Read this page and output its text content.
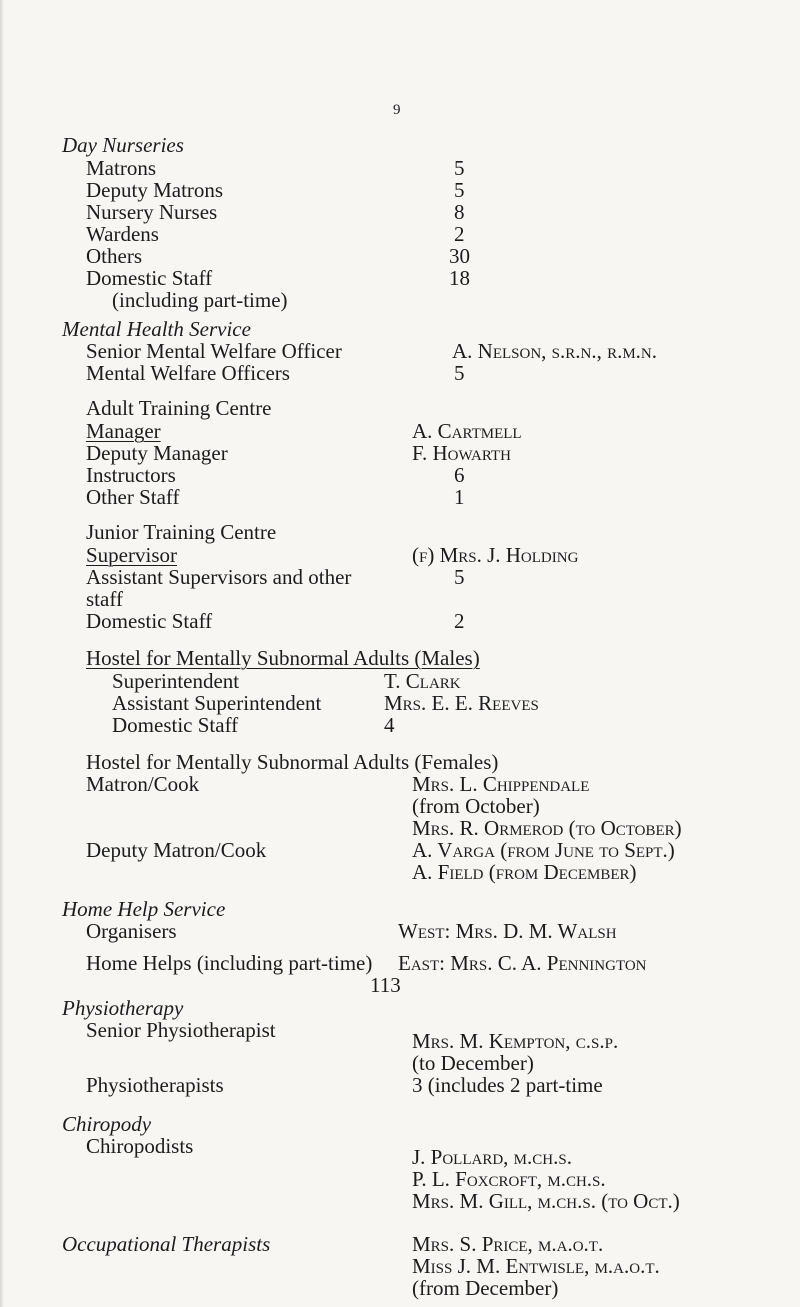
9
Day Nurseries
Matrons	5
Deputy Matrons	5
Nursery Nurses	8
Wardens	2
Others	30
Domestic Staff	18
(including part-time)
Mental Health Service
Senior Mental Welfare Officer	A. Nelson, s.r.n., r.m.n.
Mental Welfare Officers	5
Adult Training Centre
Manager	A. Cartmell
Deputy Manager	F. Howarth
Instructors	6
Other Staff	1
Junior Training Centre
Supervisor	(f) Mrs. J. Holding
Assistant Supervisors and other	5
staff
Domestic Staff	2
Hostel for Mentally Subnormal Adults (Males)
Superintendent	T. Clark
Assistant Superintendent	Mrs. E. E. Reeves
Domestic Staff	4
Hostel for Mentally Subnormal Adults (Females)
Matron/Cook	Mrs. L. Chippendale
(from October)
Mrs. R. Ormerod (to October)
Deputy Matron/Cook	A. Varga (from June to Sept.)
A. Field (from December)
Home Help Service
Organisers	West: Mrs. D. M. Walsh
Home Helps (including part-time) East: Mrs. C. A. Pennington
113
Physiotherapy
Senior Physiotherapist	Mrs. M. Kempton, c.s.p.
(to December)
Physiotherapists	3 (includes 2 part-time
Chiropody
Chiropodists	J. Pollard, m.ch.s.
P. L. Foxcroft, m.ch.s.
Mrs. M. Gill, m.ch.s. (to Oct.)
Occupational Therapists	Mrs. S. Price, m.a.o.t.
Miss J. M. Entwisle, m.a.o.t.
(from December)
